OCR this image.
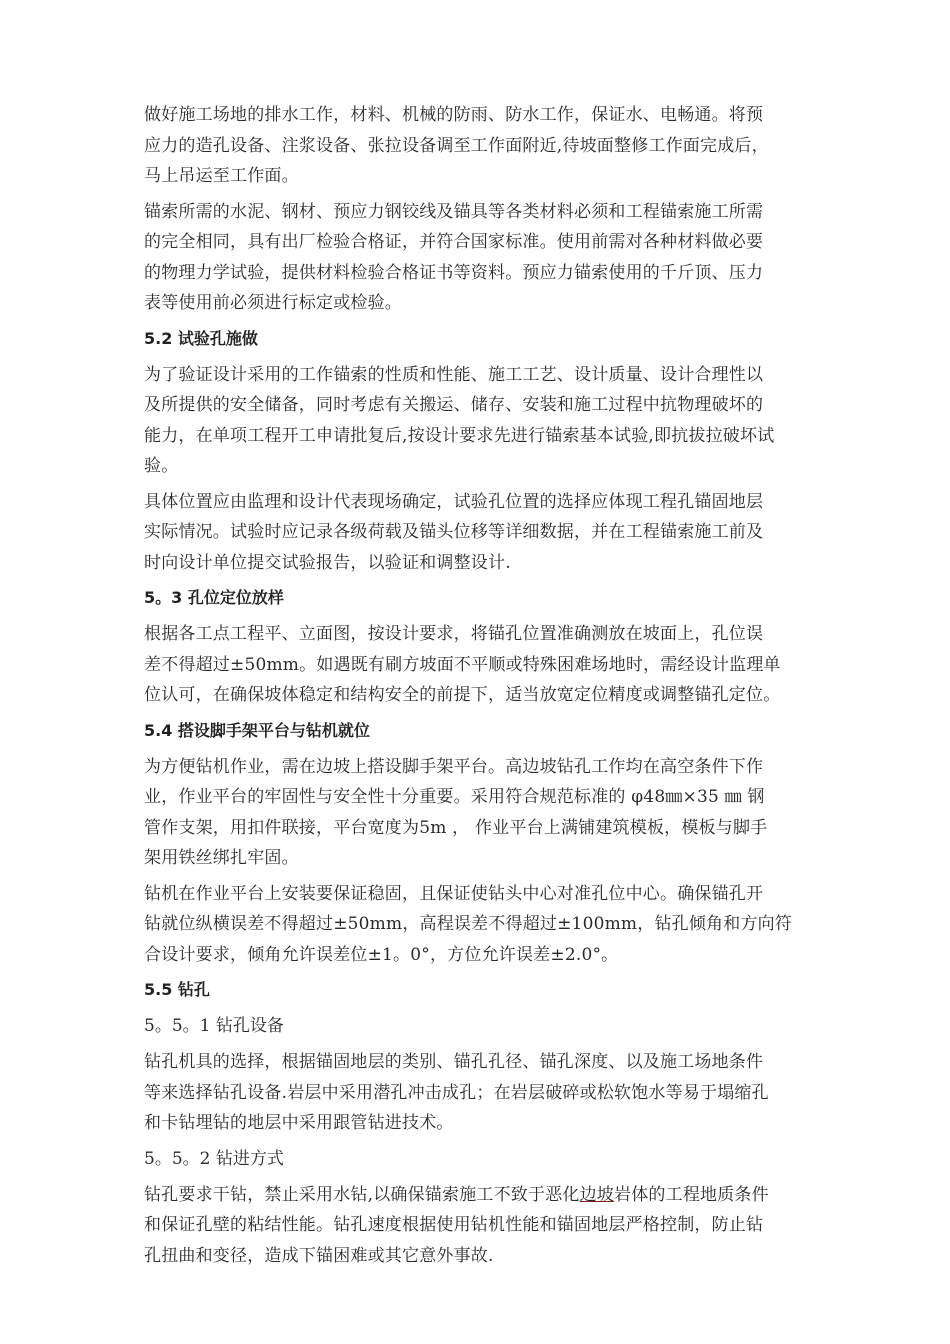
做好施工场地的排水工作，材料、机械的防雨、防水工作，保证水、电畅通。将预
应力的造孔设备、注浆设备、张拉设备调至工作面附近,待坡面整修工作面完成后，
马上吊运至工作面。

锚索所需的水泥、钢材、预应力钢铰线及锚具等各类材料必须和工程锚索施工所需
的完全相同，具有出厂检验合格证，并符合国家标准。使用前需对各种材料做必要
的物理力学试验，提供材料检验合格证书等资料。预应力锚索使用的千斤顶、压力
表等使用前必须进行标定或检验。

5.2 试验孔施做

为了验证设计采用的工作锚索的性质和性能、施工工艺、设计质量、设计合理性以
及所提供的安全储备，同时考虑有关搬运、储存、安装和施工过程中抗物理破坏的
能力，在单项工程开工申请批复后,按设计要求先进行锚索基本试验,即抗拔拉破坏试
验。

具体位置应由监理和设计代表现场确定，试验孔位置的选择应体现工程孔锚固地层
实际情况。试验时应记录各级荷载及锚头位移等详细数据，并在工程锚索施工前及
时向设计单位提交试验报告，以验证和调整设计.

5。3 孔位定位放样

根据各工点工程平、立面图，按设计要求，将锚孔位置准确测放在坡面上，孔位误
差不得超过±50mm。如遇既有刷方坡面不平顺或特殊困难场地时，需经设计监理单
位认可，在确保坡体稳定和结构安全的前提下，适当放宽定位精度或调整锚孔定位。

5.4 搭设脚手架平台与钻机就位

为方便钻机作业，需在边坡上搭设脚手架平台。高边坡钻孔工作均在高空条件下作
业，作业平台的牢固性与安全性十分重要。采用符合规范标准的 φ48㎜×35 ㎜ 钢
管作支架，用扣件联接，平台宽度为5m ， 作业平台上满铺建筑模板，模板与脚手
架用铁丝绑扎牢固。

钻机在作业平台上安装要保证稳固，且保证使钻头中心对准孔位中心。确保锚孔开
钻就位纵横误差不得超过±50mm，高程误差不得超过±100mm，钻孔倾角和方向符
合设计要求，倾角允许误差位±1。0°，方位允许误差±2.0°。

5.5 钻孔
5。5。1 钻孔设备

钻孔机具的选择，根据锚固地层的类别、锚孔孔径、锚孔深度、以及施工场地条件
等来选择钻孔设备.岩层中采用潜孔冲击成孔；在岩层破碎或松软饱水等易于塌缩孔
和卡钻埋钻的地层中采用跟管钻进技术。

5。5。2 钻进方式

钻孔要求干钻，禁止采用水钻,以确保锚索施工不致于恶化边坡岩体的工程地质条件
和保证孔壁的粘结性能。钻孔速度根据使用钻机性能和锚固地层严格控制，防止钻
孔扭曲和变径，造成下锚困难或其它意外事故.
